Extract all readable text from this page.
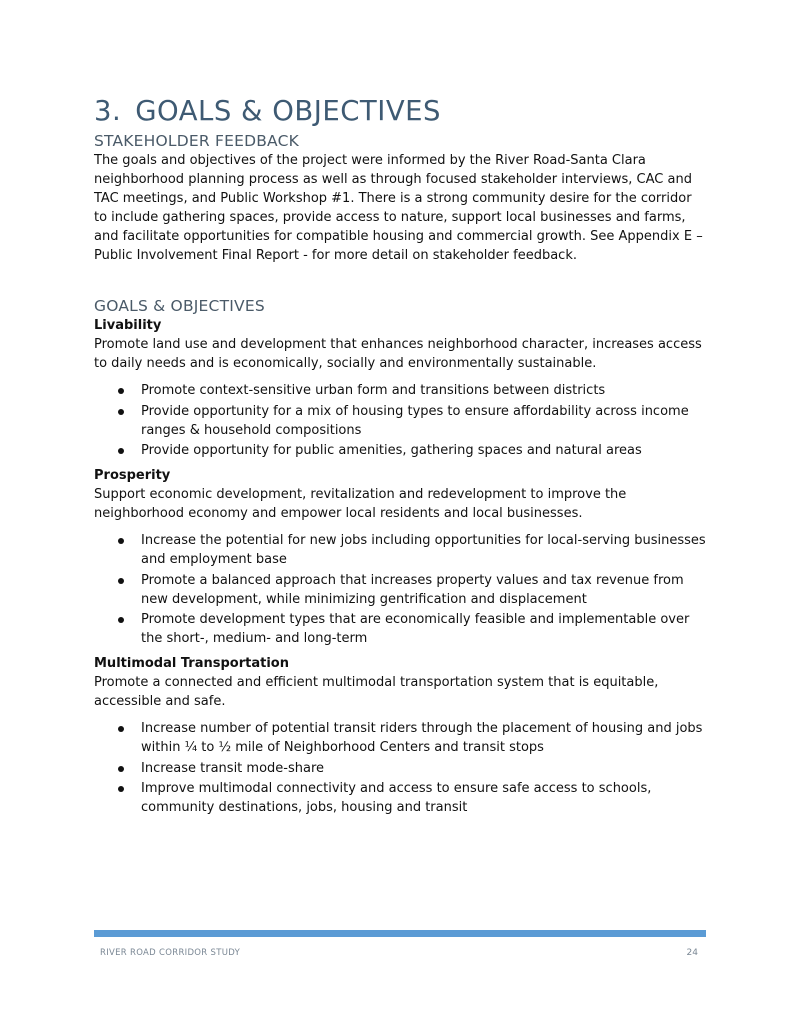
3. GOALS & OBJECTIVES
STAKEHOLDER FEEDBACK

The goals and objectives of the project were informed by the River Road-Santa Clara neighborhood planning process as well as through focused stakeholder interviews, CAC and TAC meetings, and Public Workshop #1. There is a strong community desire for the corridor to include gathering spaces, provide access to nature, support local businesses and farms, and facilitate opportunities for compatible housing and commercial growth. See Appendix E – Public Involvement Final Report - for more detail on stakeholder feedback.

GOALS & OBJECTIVES

Livability

Promote land use and development that enhances neighborhood character, increases access to daily needs and is economically, socially and environmentally sustainable.

Promote context-sensitive urban form and transitions between districts
Provide opportunity for a mix of housing types to ensure affordability across income ranges & household compositions
Provide opportunity for public amenities, gathering spaces and natural areas

Prosperity

Support economic development, revitalization and redevelopment to improve the neighborhood economy and empower local residents and local businesses.

Increase the potential for new jobs including opportunities for local-serving businesses and employment base
Promote a balanced approach that increases property values and tax revenue from new development, while minimizing gentrification and displacement
Promote development types that are economically feasible and implementable over the short-, medium- and long-term

Multimodal Transportation

Promote a connected and efficient multimodal transportation system that is equitable, accessible and safe.

Increase number of potential transit riders through the placement of housing and jobs within ¼ to ½ mile of Neighborhood Centers and transit stops
Increase transit mode-share
Improve multimodal connectivity and access to ensure safe access to schools, community destinations, jobs, housing and transit
RIVER ROAD CORRIDOR STUDY	24
